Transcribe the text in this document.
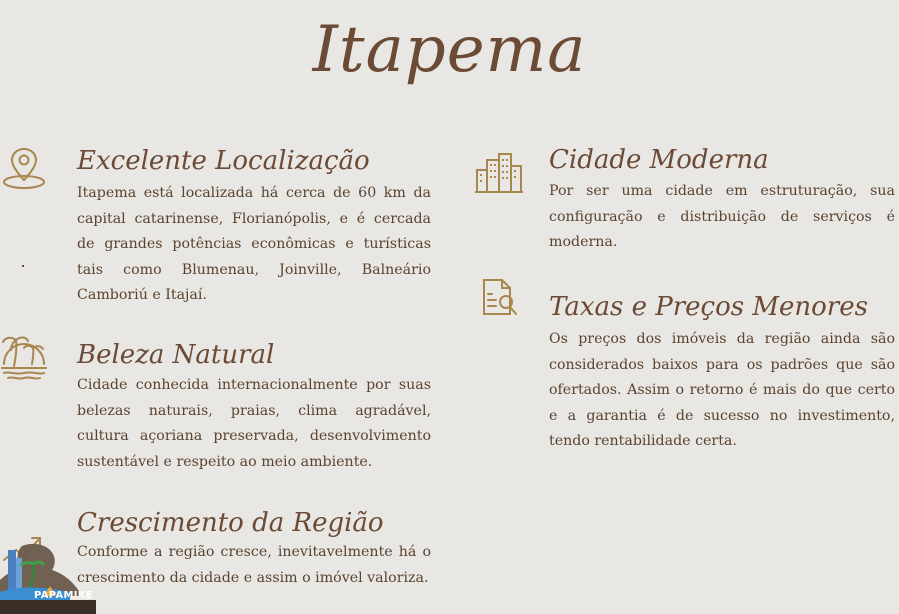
Itapema
Excelente Localização
Itapema está localizada há cerca de 60 km da capital catarinense, Florianópolis, e é cercada de grandes potências econômicas e turísticas tais como Blumenau, Joinville, Balneário Camboriú e Itajaí.
Beleza Natural
Cidade conhecida internacionalmente por suas belezas naturais, praias, clima agradável, cultura açoriana preservada, desenvolvimento sustentável e respeito ao meio ambiente.
Crescimento da Região
Conforme a região cresce, inevitavelmente há o crescimento da cidade e assim o imóvel valoriza.
Cidade Moderna
Por ser uma cidade em estruturação, sua configuração e distribuição de serviços é moderna.
Taxas e Preços Menores
Os preços dos imóveis da região ainda são considerados baixos para os padrões que são ofertados. Assim o retorno é mais do que certo e a garantia é de sucesso no investimento, tendo rentabilidade certa.
PAPAMIKE
